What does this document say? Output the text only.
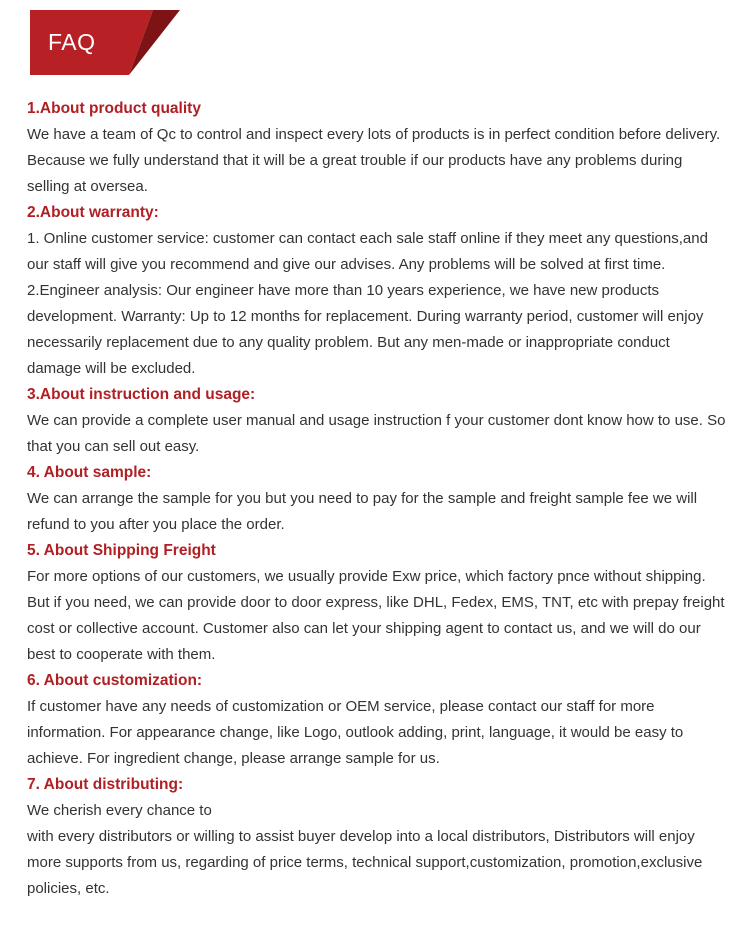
FAQ
1.About product quality

We have a team of Qc to control and inspect every lots of products is in perfect condition before delivery. Because we fully understand that it will be a great trouble if our products have any problems during selling at oversea.

2.About warranty:

1. Online customer service: customer can contact each sale staff online if they meet any questions,and our staff will give you recommend and give our advises. Any problems will be solved at first time.

2.Engineer analysis: Our engineer have more than 10 years experience, we have new products development. Warranty: Up to 12 months for replacement. During warranty period, customer will enjoy necessarily replacement due to any quality problem. But any men-made or inappropriate conduct damage will be excluded.

3.About instruction and usage:

We can provide a complete user manual and usage instruction f your customer dont know how to use. So that you can sell out easy.

4. About sample:

We can arrange the sample for you but you need to pay for the sample and freight sample fee we will refund to you after you place the order.

5. About Shipping Freight

For more options of our customers, we usually provide Exw price, which factory pnce without shipping. But if you need, we can provide door to door express, like DHL, Fedex, EMS, TNT, etc with prepay freight cost or collective account. Customer also can let your shipping agent to contact us, and we will do our best to cooperate with them.

6. About customization:

If customer have any needs of customization or OEM service, please contact our staff for more information. For appearance change, like Logo, outlook adding, print, language, it would be easy to achieve. For ingredient change, please arrange sample for us.

7. About distributing:

We cherish every chance to

with every distributors or willing to assist buyer develop into a local distributors, Distributors will enjoy more supports from us, regarding of price terms, technical support,customization, promotion,exclusive policies, etc.
